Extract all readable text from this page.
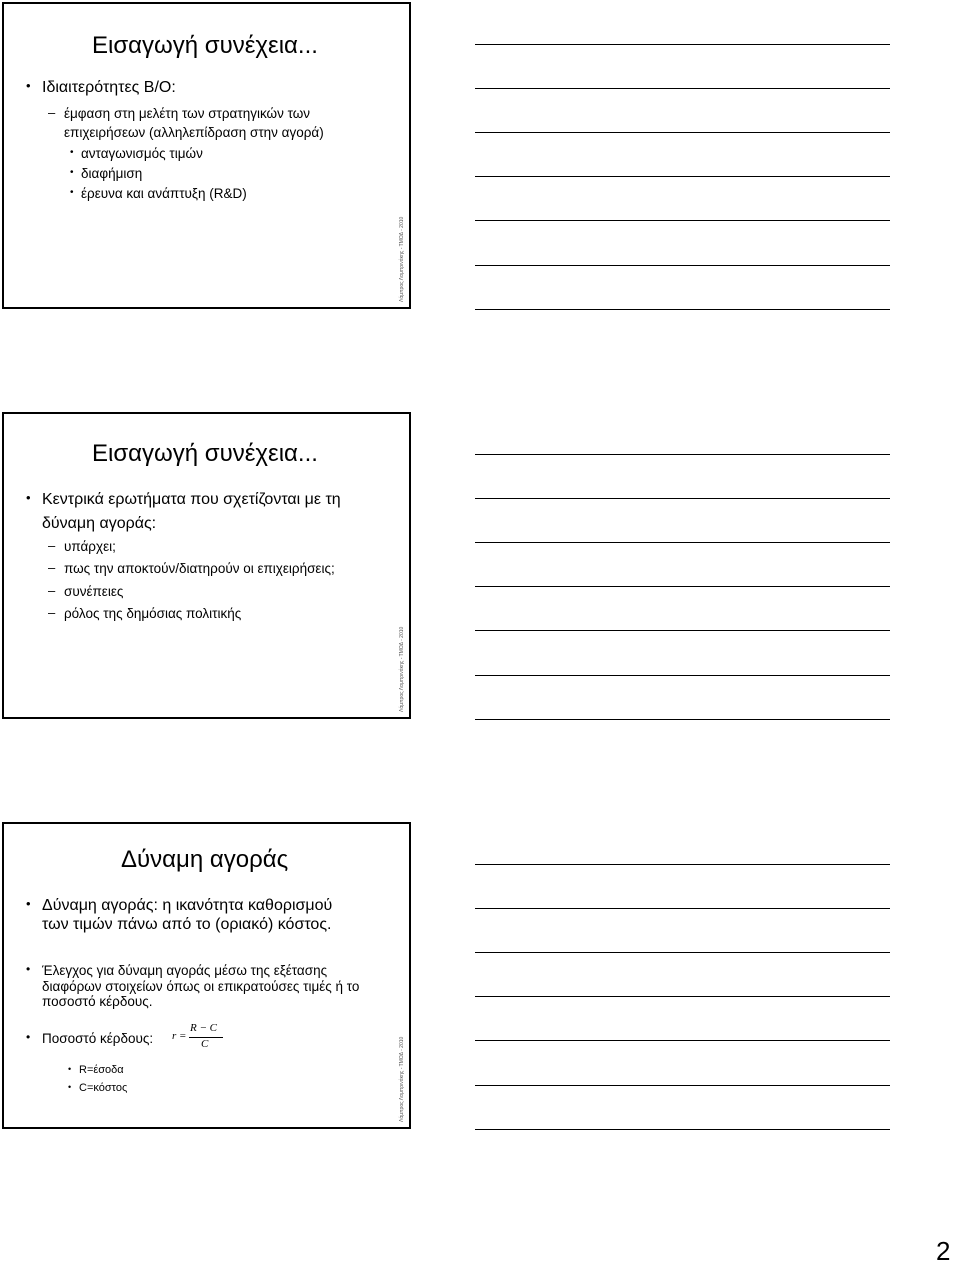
Εισαγωγή συνέχεια...
• Ιδιαιτερότητες Β/Ο:
– έμφαση στη μελέτη των στρατηγικών των
επιχειρήσεων (αλληλεπίδραση στην αγορά)
• ανταγωνισμός τιμών
• διαφήμιση
• έρευνα και ανάπτυξη (R&D)
Λάμπρος Λαμπρινάκης - ΤΜΟΔ - 2010
Εισαγωγή συνέχεια...
• Κεντρικά ερωτήματα που σχετίζονται με τη
δύναμη αγοράς:
– υπάρχει;
– πως την αποκτούν/διατηρούν οι επιχειρήσεις;
– συνέπειες
– ρόλος της δημόσιας πολιτικής
Λάμπρος Λαμπρινάκης - ΤΜΟΔ - 2010
Δύναμη αγοράς
• Δύναμη αγοράς: η ικανότητα καθορισμού
των τιμών πάνω από το (οριακό) κόστος.
• Έλεγχος για δύναμη αγοράς μέσω της εξέτασης
διαφόρων στοιχείων όπως οι επικρατούσες τιμές ή το
ποσοστό κέρδους.
• Ποσοστό κέρδους: r =
R − C
C
• R=έσοδα
• C=κόστος	Λάμπρος Λαμπρινάκης - ΤΜΟΔ - 2010
2
